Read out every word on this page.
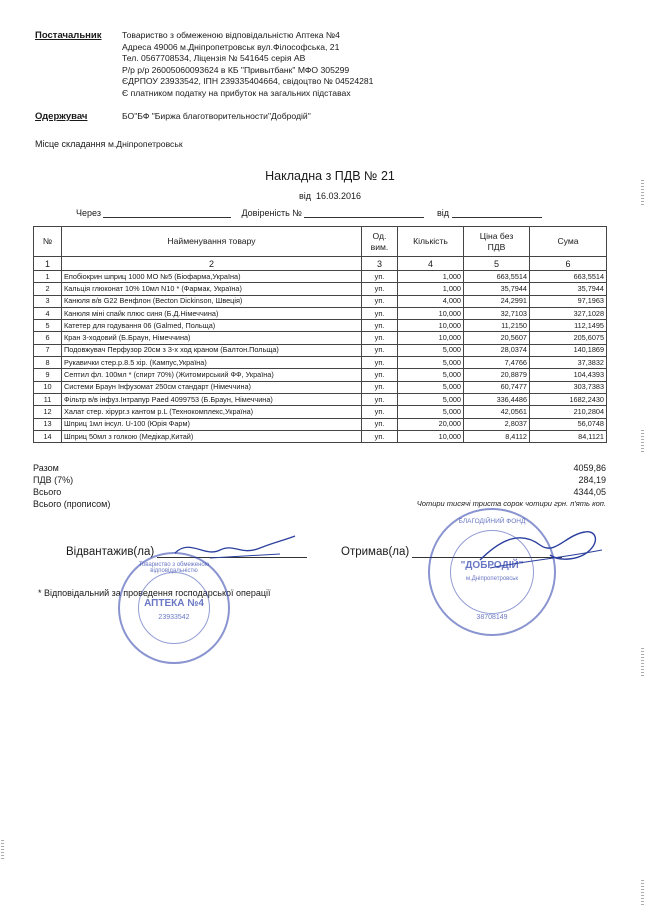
Постачальник Товариство з обмеженою відповідальністю Аптека №4
Адреса 49006 м.Дніпропетровськ вул.Філософська, 21
Тел. 0567708534, Ліцензія № 541645 серія АВ
Р/р р/р 26005060093624 в КБ "Привытбанк" МФО 305299
ЄДРПОУ 23933542, ІПН 239335404664, свідоцтво № 04524281
Є платником податку на прибуток на загальних підставах
Одержувач	БО"БФ "Биржа благотворительности"Добродій"
Місце складання м.Дніпропетровськ
Накладна з ПДВ № 21
від 16.03.2016
Через	Довіреність №	від
№	Найменування товару	Од. вим.	Кількість	Ціна без ПДВ	Сума
1	2	3	4	5	6
1	Епобіокрин шприц 1000 МО №5 (Біофарма,Україна)	уп.	1,000	663,5514	663,5514
2	Кальція глюконат 10% 10мл N10 * (Фармак, Україна)	уп.	1,000	35,7944	35,7944
3	Канюля в/в G22 Венфлон (Becton Dickinson, Швеція)	уп.	4,000	24,2991	97,1963
4	Канюля міні спайк плюс синя (Б.Д.Німеччина)	уп.	10,000	32,7103	327,1028
5	Катетер для годування 06 (Galmed, Польща)	уп.	10,000	11,2150	112,1495
6	Кран 3-ходовий (Б.Браун, Німеччина)	уп.	10,000	20,5607	205,6075
7	Подовжувач Перфузор 20см з 3-х ход краном (Балтон.Польща)	уп.	5,000	28,0374	140,1869
8	Рукавички стер.р.8.5 хір. (Кампус,Україна)	уп.	5,000	7,4766	37,3832
9	Септил фл. 100мл * (спирт 70%) (Житомирський ФФ, Україна)	уп.	5,000	20,8879	104,4393
10	Системи Браун Інфузомат 250см стандарт (Німеччина)	уп.	5,000	60,7477	303,7383
11	Фільтр в/в інфуз.Інтрапур Paed 4099753 (Б.Браун, Німеччина)	уп.	5,000	336,4486	1682,2430
12	Халат стер. хірург.з кантом р.L (Технокомплекс,Україна)	уп.	5,000	42,0561	210,2804
13	Шприц 1мл інсул. U-100 (Юрія Фарм)	уп.	20,000	2,8037	56,0748
14	Шприц 50мл з голкою (Медікар,Китай)	уп.	10,000	8,4112	84,1121
Разом	4059,86
ПДВ (7%)	284,19
Всього	4344,05
Всього (прописом)	Чотири тисячі триста сорок чотири грн. п'ять коп.
Відвантажив(ла)	Отримав(ла)
* Відповідальний за проведення господарської операції
Товариство з обмеженою відповідальністю
АПТЕКА №4
23933542
БЛАГОДІЙНИЙ ФОНД
"ДОБРОДІЙ"
м.Дніпропетровськ
38708149
